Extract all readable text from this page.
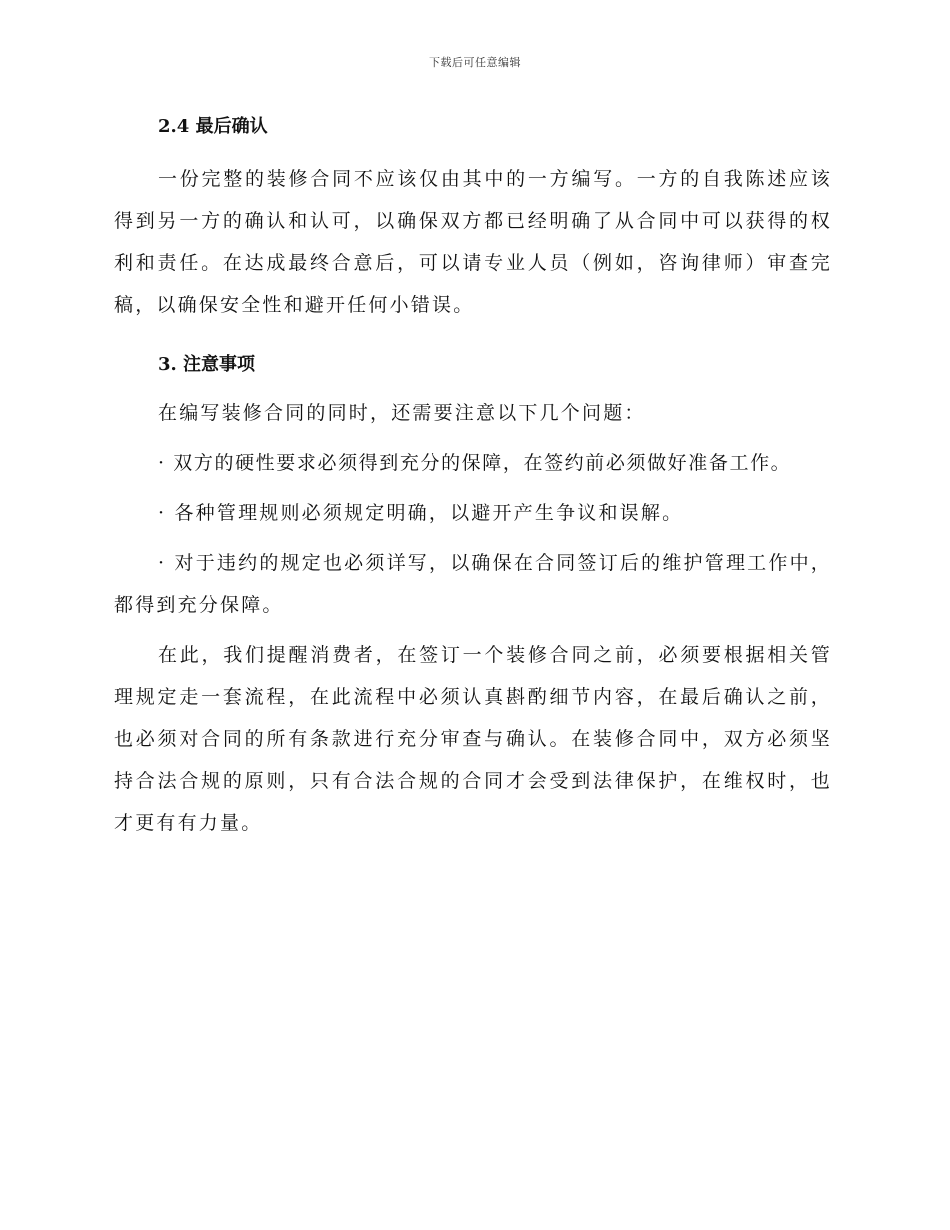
下载后可任意编辑
2.4 最后确认

一份完整的装修合同不应该仅由其中的一方编写。一方的自我陈述应该得到另一方的确认和认可，以确保双方都已经明确了从合同中可以获得的权利和责任。在达成最终合意后，可以请专业人员（例如，咨询律师）审查完稿，以确保安全性和避开任何小错误。

3. 注意事项

在编写装修合同的同时，还需要注意以下几个问题：

· 双方的硬性要求必须得到充分的保障，在签约前必须做好准备工作。

· 各种管理规则必须规定明确，以避开产生争议和误解。

· 对于违约的规定也必须详写，以确保在合同签订后的维护管理工作中，都得到充分保障。

在此，我们提醒消费者，在签订一个装修合同之前，必须要根据相关管理规定走一套流程，在此流程中必须认真斟酌细节内容，在最后确认之前，也必须对合同的所有条款进行充分审查与确认。在装修合同中，双方必须坚持合法合规的原则，只有合法合规的合同才会受到法律保护，在维权时，也才更有有力量。
